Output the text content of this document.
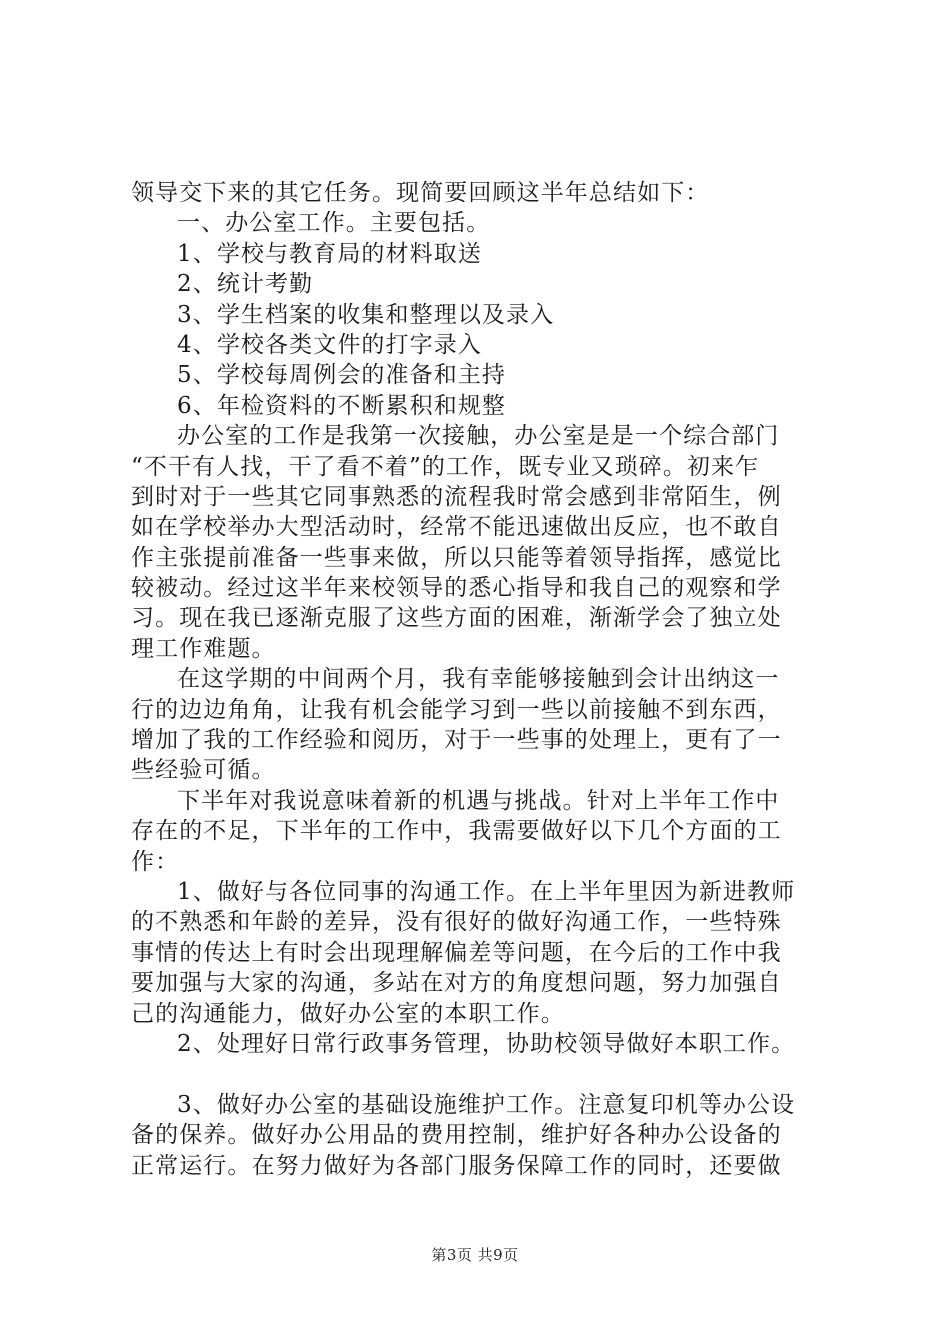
领导交下来的其它任务。现简要回顾这半年总结如下：
一、办公室工作。主要包括。
1、学校与教育局的材料取送
2、统计考勤
3、学生档案的收集和整理以及录入
4、学校各类文件的打字录入
5、学校每周例会的准备和主持
6、年检资料的不断累积和规整
办公室的工作是我第一次接触，办公室是是一个综合部门
“不干有人找，干了看不着”的工作，既专业又琐碎。初来乍
到时对于一些其它同事熟悉的流程我时常会感到非常陌生，例
如在学校举办大型活动时，经常不能迅速做出反应，也不敢自
作主张提前准备一些事来做，所以只能等着领导指挥，感觉比
较被动。经过这半年来校领导的悉心指导和我自己的观察和学
习。现在我已逐渐克服了这些方面的困难，渐渐学会了独立处
理工作难题。
在这学期的中间两个月，我有幸能够接触到会计出纳这一
行的边边角角，让我有机会能学习到一些以前接触不到东西，
增加了我的工作经验和阅历，对于一些事的处理上，更有了一
些经验可循。
下半年对我说意味着新的机遇与挑战。针对上半年工作中
存在的不足，下半年的工作中，我需要做好以下几个方面的工
作：
1、做好与各位同事的沟通工作。在上半年里因为新进教师
的不熟悉和年龄的差异，没有很好的做好沟通工作，一些特殊
事情的传达上有时会出现理解偏差等问题，在今后的工作中我
要加强与大家的沟通，多站在对方的角度想问题，努力加强自
己的沟通能力，做好办公室的本职工作。
2、处理好日常行政事务管理，协助校领导做好本职工作。
3、做好办公室的基础设施维护工作。注意复印机等办公设
备的保养。做好办公用品的费用控制，维护好各种办公设备的
正常运行。在努力做好为各部门服务保障工作的同时，还要做
第3页 共9页
